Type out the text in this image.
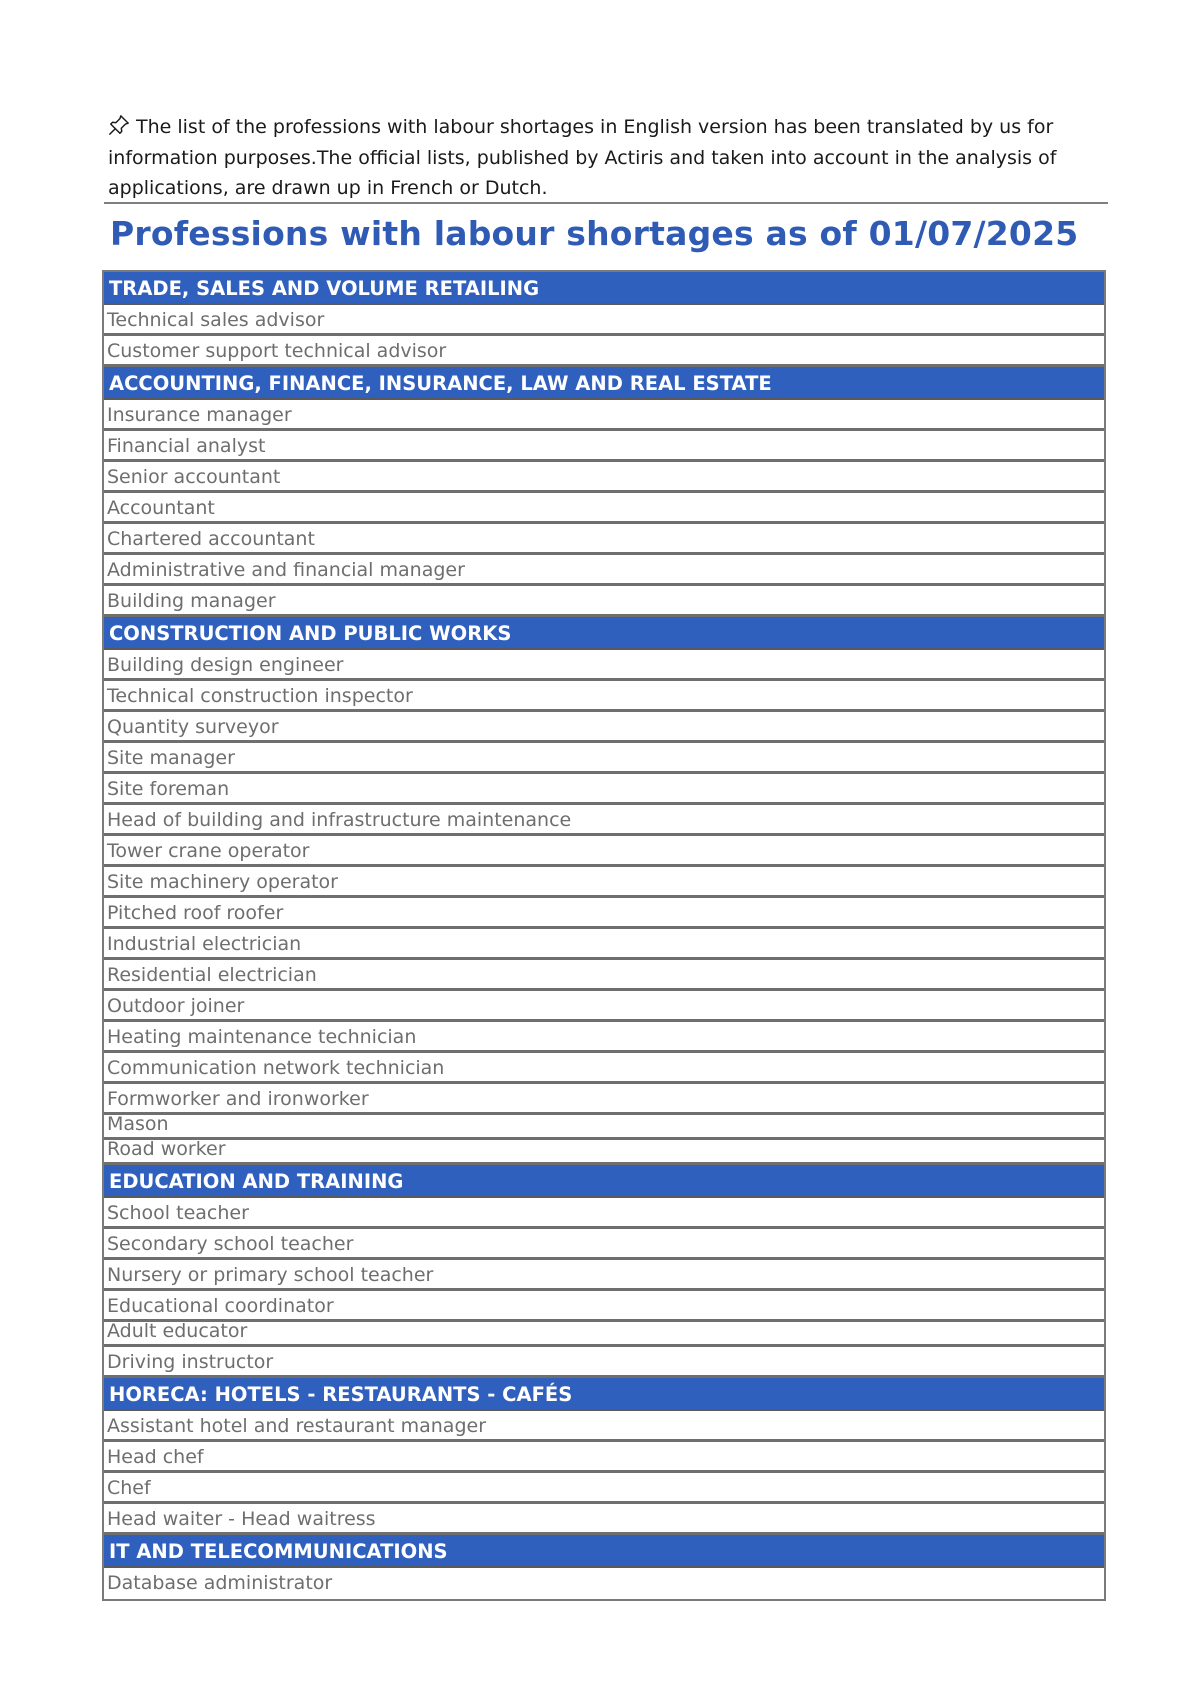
The list of the professions with labour shortages in English version has been translated by us for information purposes.The official lists, published by Actiris and taken into account in the analysis of applications, are drawn up in French or Dutch.
Professions with labour shortages as of 01/07/2025
TRADE, SALES AND VOLUME RETAILING
Technical sales advisor
Customer support technical advisor
ACCOUNTING, FINANCE, INSURANCE, LAW AND REAL ESTATE
Insurance manager
Financial analyst
Senior accountant
Accountant
Chartered accountant
Administrative and financial manager
Building manager
CONSTRUCTION AND PUBLIC WORKS
Building design engineer
Technical construction inspector
Quantity surveyor
Site manager
Site foreman
Head of building and infrastructure maintenance
Tower crane operator
Site machinery operator
Pitched roof roofer
Industrial electrician
Residential electrician
Outdoor joiner
Heating maintenance technician
Communication network technician
Formworker and ironworker
Mason
Road worker
EDUCATION AND TRAINING
School teacher
Secondary school teacher
Nursery or primary school teacher
Educational coordinator
Adult educator
Driving instructor
HORECA: HOTELS - RESTAURANTS - CAFÉS
Assistant hotel and restaurant manager
Head chef
Chef
Head waiter - Head waitress
IT AND TELECOMMUNICATIONS
Database administrator
